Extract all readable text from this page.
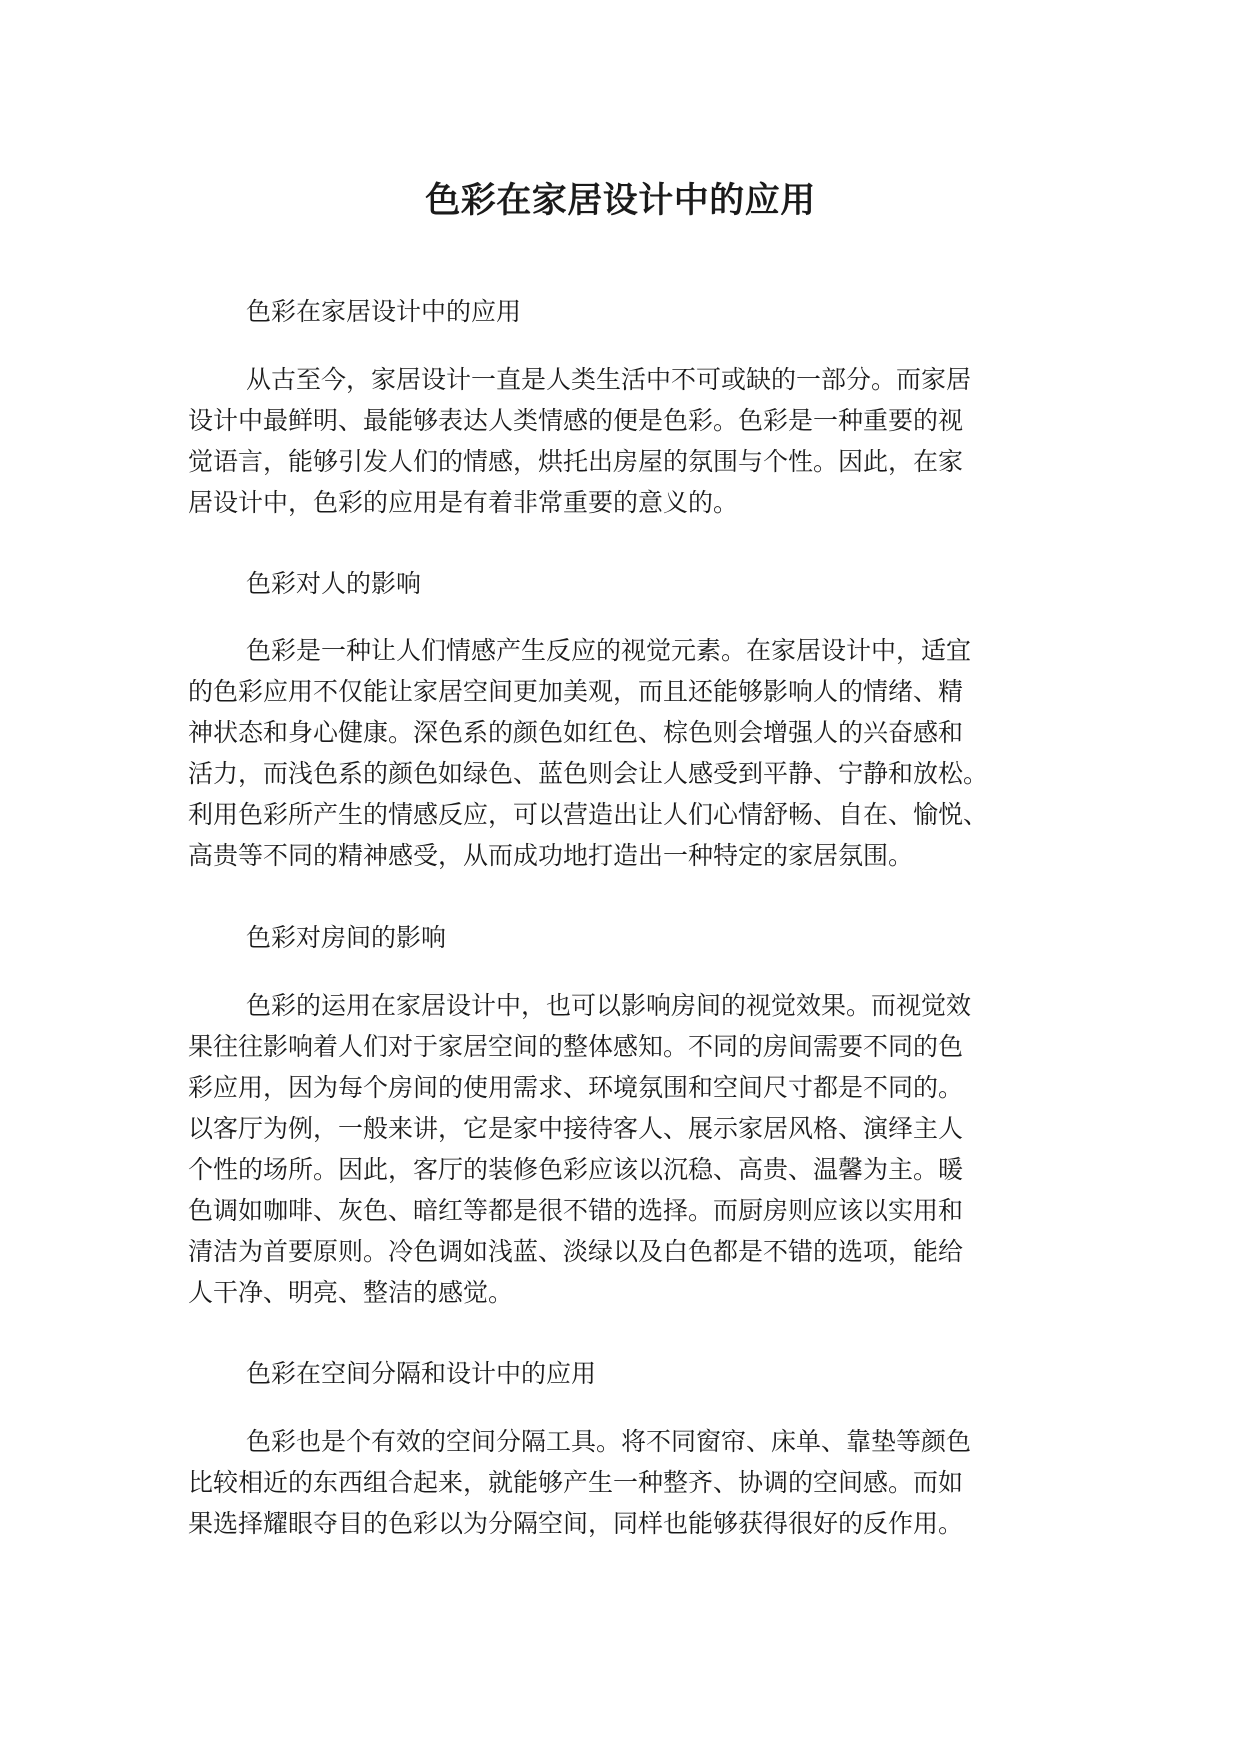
色彩在家居设计中的应用

色彩在家居设计中的应用

从古至今，家居设计一直是人类生活中不可或缺的一部分。而家居
设计中最鲜明、最能够表达人类情感的便是色彩。色彩是一种重要的视
觉语言，能够引发人们的情感，烘托出房屋的氛围与个性。因此，在家
居设计中，色彩的应用是有着非常重要的意义的。

色彩对人的影响

色彩是一种让人们情感产生反应的视觉元素。在家居设计中，适宜
的色彩应用不仅能让家居空间更加美观，而且还能够影响人的情绪、精
神状态和身心健康。深色系的颜色如红色、棕色则会增强人的兴奋感和
活力，而浅色系的颜色如绿色、蓝色则会让人感受到平静、宁静和放松。
利用色彩所产生的情感反应，可以营造出让人们心情舒畅、自在、愉悦、
高贵等不同的精神感受，从而成功地打造出一种特定的家居氛围。

色彩对房间的影响

色彩的运用在家居设计中，也可以影响房间的视觉效果。而视觉效
果往往影响着人们对于家居空间的整体感知。不同的房间需要不同的色
彩应用，因为每个房间的使用需求、环境氛围和空间尺寸都是不同的。
以客厅为例，一般来讲，它是家中接待客人、展示家居风格、演绎主人
个性的场所。因此，客厅的装修色彩应该以沉稳、高贵、温馨为主。暖
色调如咖啡、灰色、暗红等都是很不错的选择。而厨房则应该以实用和
清洁为首要原则。冷色调如浅蓝、淡绿以及白色都是不错的选项，能给
人干净、明亮、整洁的感觉。

色彩在空间分隔和设计中的应用

色彩也是个有效的空间分隔工具。将不同窗帘、床单、靠垫等颜色
比较相近的东西组合起来，就能够产生一种整齐、协调的空间感。而如
果选择耀眼夺目的色彩以为分隔空间，同样也能够获得很好的反作用。
